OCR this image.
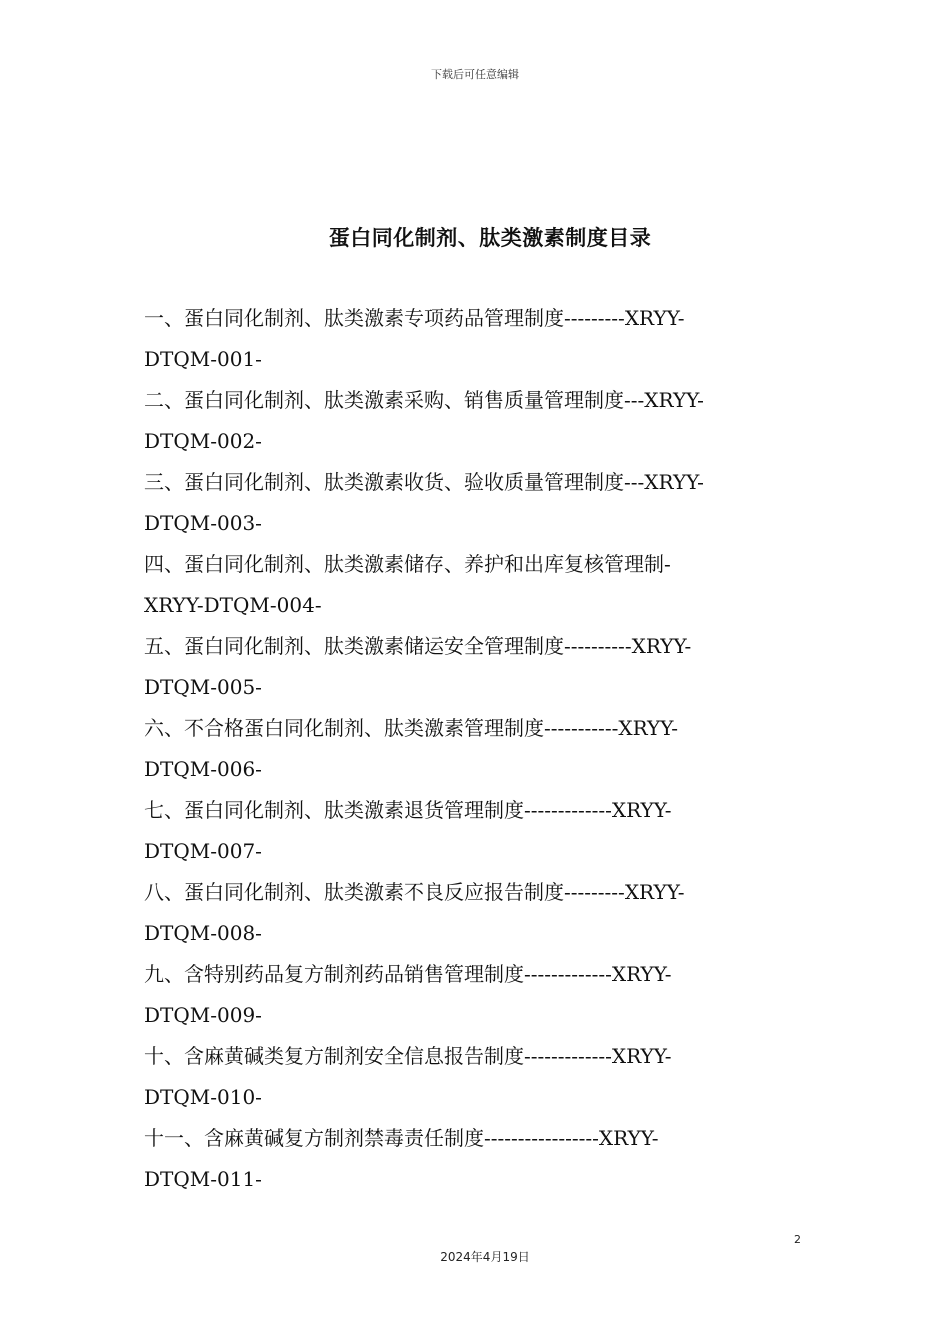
下载后可任意编辑
蛋白同化制剂、肽类激素制度目录
一、蛋白同化制剂、肽类激素专项药品管理制度---------XRYY-
DTQM-001-
二、蛋白同化制剂、肽类激素采购、销售质量管理制度---XRYY-
DTQM-002-
三、蛋白同化制剂、肽类激素收货、验收质量管理制度---XRYY-
DTQM-003-
四、蛋白同化制剂、肽类激素储存、养护和出库复核管理制-
XRYY-DTQM-004-
五、蛋白同化制剂、肽类激素储运安全管理制度----------XRYY-
DTQM-005-
六、不合格蛋白同化制剂、肽类激素管理制度-----------XRYY-
DTQM-006-
七、蛋白同化制剂、肽类激素退货管理制度-------------XRYY-
DTQM-007-
八、蛋白同化制剂、肽类激素不良反应报告制度---------XRYY-
DTQM-008-
九、含特别药品复方制剂药品销售管理制度-------------XRYY-
DTQM-009-
十、含麻黄碱类复方制剂安全信息报告制度-------------XRYY-
DTQM-010-
十一、含麻黄碱复方制剂禁毒责任制度-----------------XRYY-
DTQM-011-
2
2024年4月19日
